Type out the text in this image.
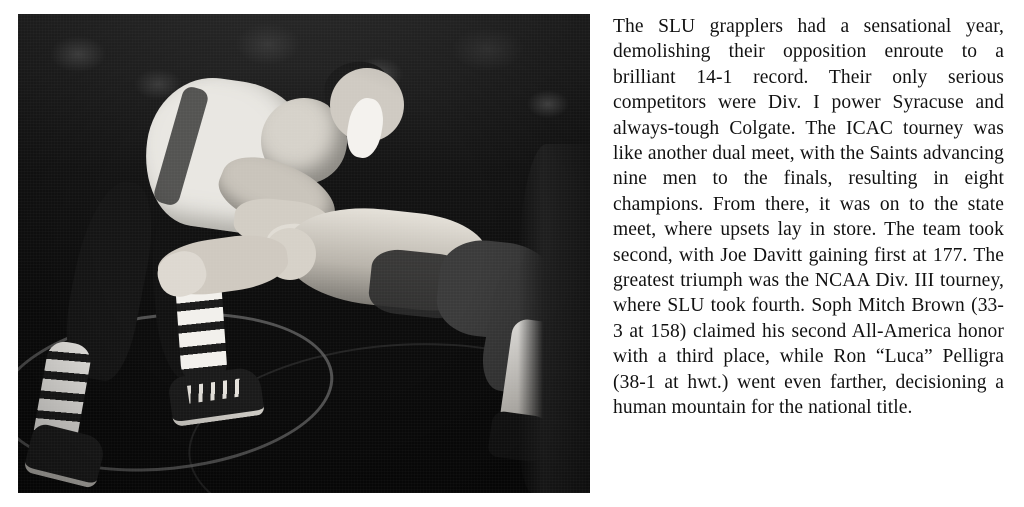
The SLU grapplers had a sensational year, demolishing their opposition enroute to a brilliant 14-1 record. Their only serious competitors were Div. I power Syracuse and always-tough Colgate. The ICAC tourney was like another dual meet, with the Saints advancing nine men to the finals, resulting in eight champions. From there, it was on to the state meet, where upsets lay in store. The team took second, with Joe Davitt gaining first at 177. The greatest triumph was the NCAA Div. III tourney, where SLU took fourth. Soph Mitch Brown (33-3 at 158) claimed his second All-America honor with a third place, while Ron “Luca” Pelligra (38-1 at hwt.) went even farther, decisioning a human mountain for the national title.
